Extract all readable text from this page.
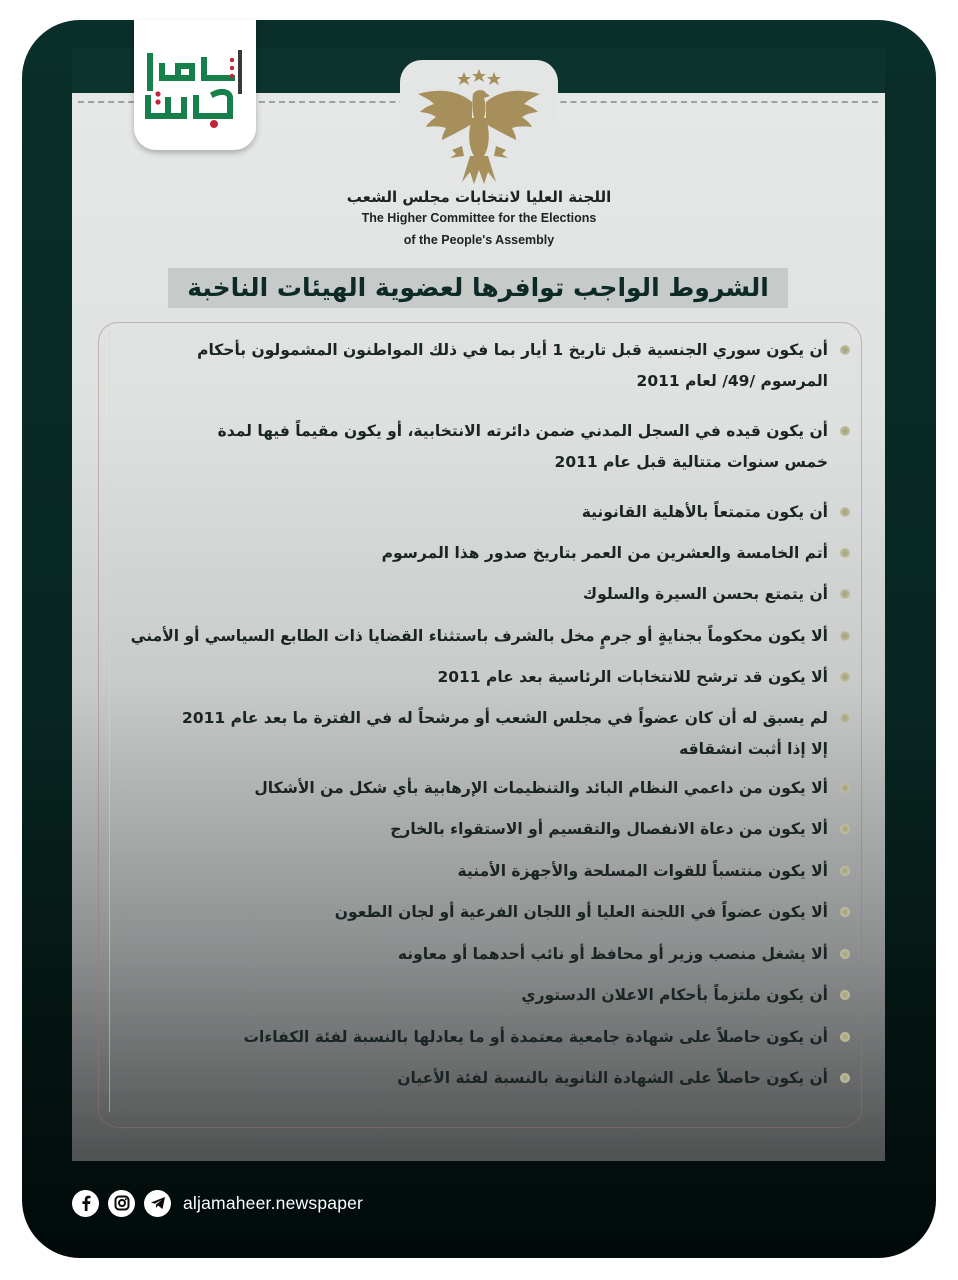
اللجنة العليا لانتخابات مجلس الشعب
The Higher Committee for the Elections
of the People's Assembly
الشروط الواجب توافرها لعضوية الهيئات الناخبة
أن يكون سوري الجنسية قبل تاريخ 1 أيار بما في ذلك المواطنون المشمولون بأحكام
المرسوم /49/ لعام 2011
أن يكون قيده في السجل المدني ضمن دائرته الانتخابية، أو يكون مقيماً فيها لمدة
خمس سنوات متتالية قبل عام 2011
أن يكون متمتعاً بالأهلية القانونية
أتم الخامسة والعشرين من العمر بتاريخ صدور هذا المرسوم
أن يتمتع بحسن السيرة والسلوك
ألا يكون محكوماً بجنايةٍ أو جرمٍ مخل بالشرف باستثناء القضايا ذات الطابع السياسي أو الأمني
ألا يكون قد ترشح للانتخابات الرئاسية بعد عام 2011
لم يسبق له أن كان عضواً في مجلس الشعب أو مرشحاً له في الفترة ما بعد عام 2011
إلا إذا أثبت انشقاقه
ألا يكون من داعمي النظام البائد والتنظيمات الإرهابية بأي شكل من الأشكال
ألا يكون من دعاة الانفصال والتقسيم أو الاستقواء بالخارج
ألا يكون منتسباً للقوات المسلحة والأجهزة الأمنية
ألا يكون عضواً في اللجنة العليا أو اللجان الفرعية أو لجان الطعون
ألا يشغل منصب وزير أو محافظ أو نائب أحدهما أو معاونه
أن يكون ملتزماً بأحكام الاعلان الدستوري
أن يكون حاصلاً على شهادة جامعية معتمدة أو ما يعادلها بالنسبة لفئة الكفاءات
أن يكون حاصلاً على الشهادة الثانوية بالنسبة لفئة الأعيان
aljamaheer.newspaper
